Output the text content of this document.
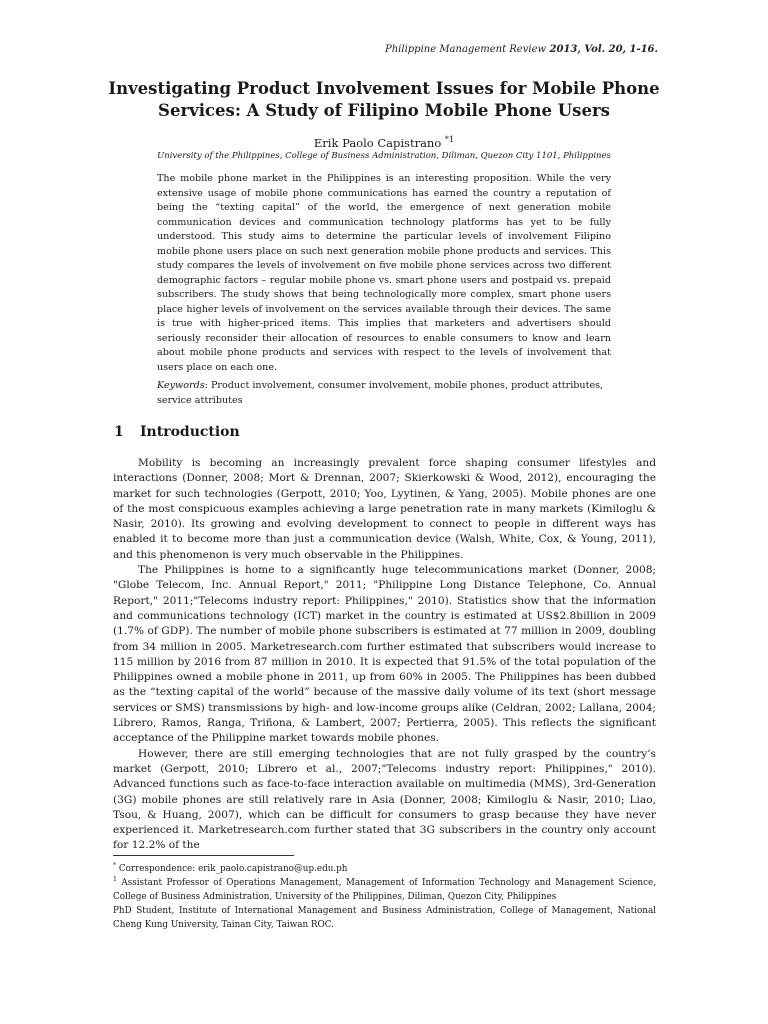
Philippine Management Review 2013, Vol. 20, 1-16.
Investigating Product Involvement Issues for Mobile Phone Services: A Study of Filipino Mobile Phone Users
Erik Paolo Capistrano $^{*1}$
University of the Philippines, College of Business Administration, Diliman, Quezon City 1101, Philippines

The mobile phone market in the Philippines is an interesting proposition. While the very extensive usage of mobile phone communications has earned the country a reputation of being the “texting capital” of the world, the emergence of next generation mobile communication devices and communication technology platforms has yet to be fully understood. This study aims to determine the particular levels of involvement Filipino mobile phone users place on such next generation mobile phone products and services. This study compares the levels of involvement on five mobile phone services across two different demographic factors – regular mobile phone vs. smart phone users and postpaid vs. prepaid subscribers. The study shows that being technologically more complex, smart phone users place higher levels of involvement on the services available through their devices. The same is true with higher-priced items. This implies that marketers and advertisers should seriously reconsider their allocation of resources to enable consumers to know and learn about mobile phone products and services with respect to the levels of involvement that users place on each one.

Keywords: Product involvement, consumer involvement, mobile phones, product attributes, service attributes

1 Introduction

Mobility is becoming an increasingly prevalent force shaping consumer lifestyles and interactions (Donner, 2008; Mort & Drennan, 2007; Skierkowski & Wood, 2012), encouraging the market for such technologies (Gerpott, 2010; Yoo, Lyytinen, & Yang, 2005). Mobile phones are one of the most conspicuous examples achieving a large penetration rate in many markets (Kimiloglu & Nasir, 2010). Its growing and evolving development to connect to people in different ways has enabled it to become more than just a communication device (Walsh, White, Cox, & Young, 2011), and this phenomenon is very much observable in the Philippines.

The Philippines is home to a significantly huge telecommunications market (Donner, 2008; "Globe Telecom, Inc. Annual Report," 2011; "Philippine Long Distance Telephone, Co. Annual Report," 2011;"Telecoms industry report: Philippines," 2010). Statistics show that the information and communications technology (ICT) market in the country is estimated at US$2.8billion in 2009 (1.7% of GDP). The number of mobile phone subscribers is estimated at 77 million in 2009, doubling from 34 million in 2005. Marketresearch.com further estimated that subscribers would increase to 115 million by 2016 from 87 million in 2010. It is expected that 91.5% of the total population of the Philippines owned a mobile phone in 2011, up from 60% in 2005. The Philippines has been dubbed as the “texting capital of the world” because of the massive daily volume of its text (short message services or SMS) transmissions by high- and low-income groups alike (Celdran, 2002; Lallana, 2004; Librero, Ramos, Ranga, Triñona, & Lambert, 2007; Pertierra, 2005). This reflects the significant acceptance of the Philippine market towards mobile phones.

However, there are still emerging technologies that are not fully grasped by the country’s market (Gerpott, 2010; Librero et al., 2007;"Telecoms industry report: Philippines," 2010). Advanced functions such as face-to-face interaction available on multimedia (MMS), 3rd-Generation (3G) mobile phones are still relatively rare in Asia (Donner, 2008; Kimiloglu & Nasir, 2010; Liao, Tsou, & Huang, 2007), which can be difficult for consumers to grasp because they have never experienced it. Marketresearch.com further stated that 3G subscribers in the country only account for 12.2% of the

* Correspondence: erik_paolo.capistrano@up.edu.ph

$^1$ Assistant Professor of Operations Management, Management of Information Technology and Management Science, College of Business Administration, University of the Philippines, Diliman, Quezon City, Philippines

PhD Student, Institute of International Management and Business Administration, College of Management, National Cheng Kung University, Tainan City, Taiwan ROC.
